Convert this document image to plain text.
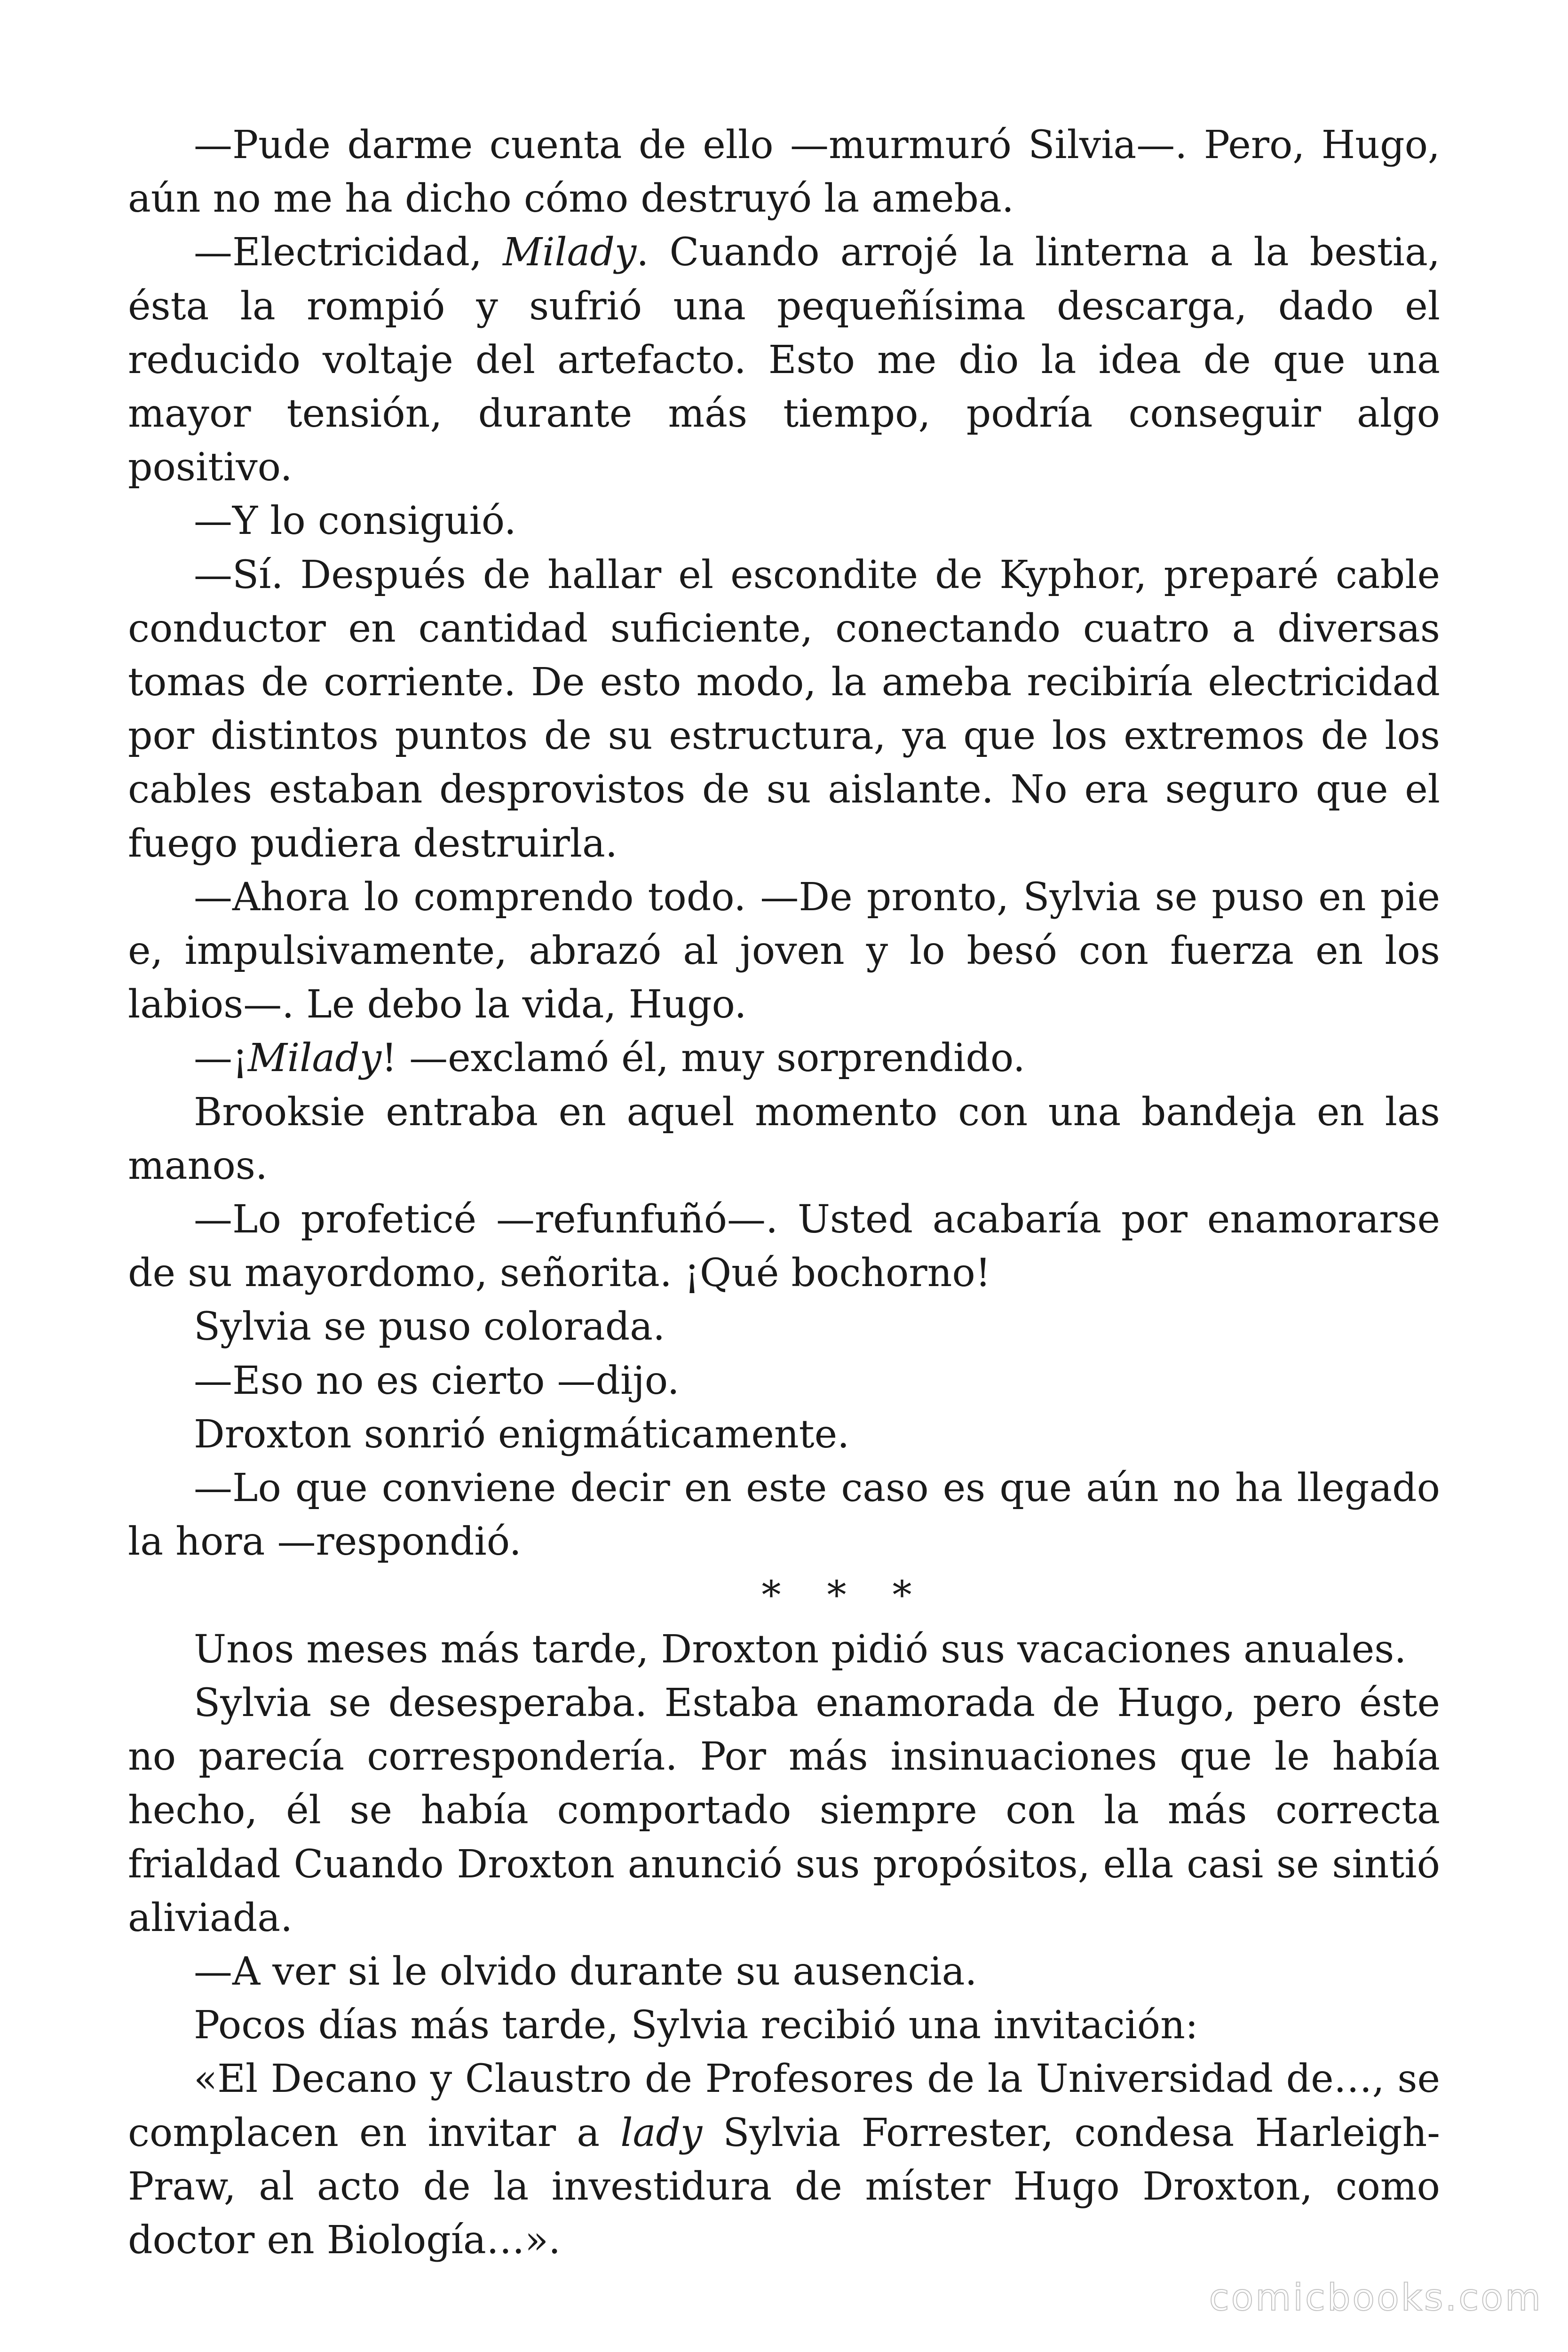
—Pude darme cuenta de ello —murmuró Silvia—. Pero, Hugo, aún no me ha dicho cómo destruyó la ameba.

—Electricidad, Milady. Cuando arrojé la linterna a la bestia, ésta la rompió y sufrió una pequeñísima descarga, dado el reducido voltaje del artefacto. Esto me dio la idea de que una mayor tensión, durante más tiempo, podría conseguir algo positivo.

—Y lo consiguió.

—Sí. Después de hallar el escondite de Kyphor, preparé cable conductor en cantidad suficiente, conectando cuatro a diversas tomas de corriente. De esto modo, la ameba recibiría electricidad por distintos puntos de su estructura, ya que los extremos de los cables estaban desprovistos de su aislante. No era seguro que el fuego pudiera destruirla.

—Ahora lo comprendo todo. —De pronto, Sylvia se puso en pie e, impulsivamente, abrazó al joven y lo besó con fuerza en los labios—. Le debo la vida, Hugo.

—¡Milady! —exclamó él, muy sorprendido.

Brooksie entraba en aquel momento con una bandeja en las manos.

—Lo profeticé —refunfuñó—. Usted acabaría por enamorarse de su mayordomo, señorita. ¡Qué bochorno!

Sylvia se puso colorada.

—Eso no es cierto —dijo.

Droxton sonrió enigmáticamente.

—Lo que conviene decir en este caso es que aún no ha llegado la hora —respondió.

* * *

Unos meses más tarde, Droxton pidió sus vacaciones anuales.

Sylvia se desesperaba. Estaba enamorada de Hugo, pero éste no parecía correspondería. Por más insinuaciones que le había hecho, él se había comportado siempre con la más correcta frialdad Cuando Droxton anunció sus propósitos, ella casi se sintió aliviada.

—A ver si le olvido durante su ausencia.

Pocos días más tarde, Sylvia recibió una invitación:

«El Decano y Claustro de Profesores de la Universidad de…, se complacen en invitar a lady Sylvia Forrester, condesa Harleigh-Praw, al acto de la investidura de míster Hugo Droxton, como doctor en Biología…».

comicbooks.com
